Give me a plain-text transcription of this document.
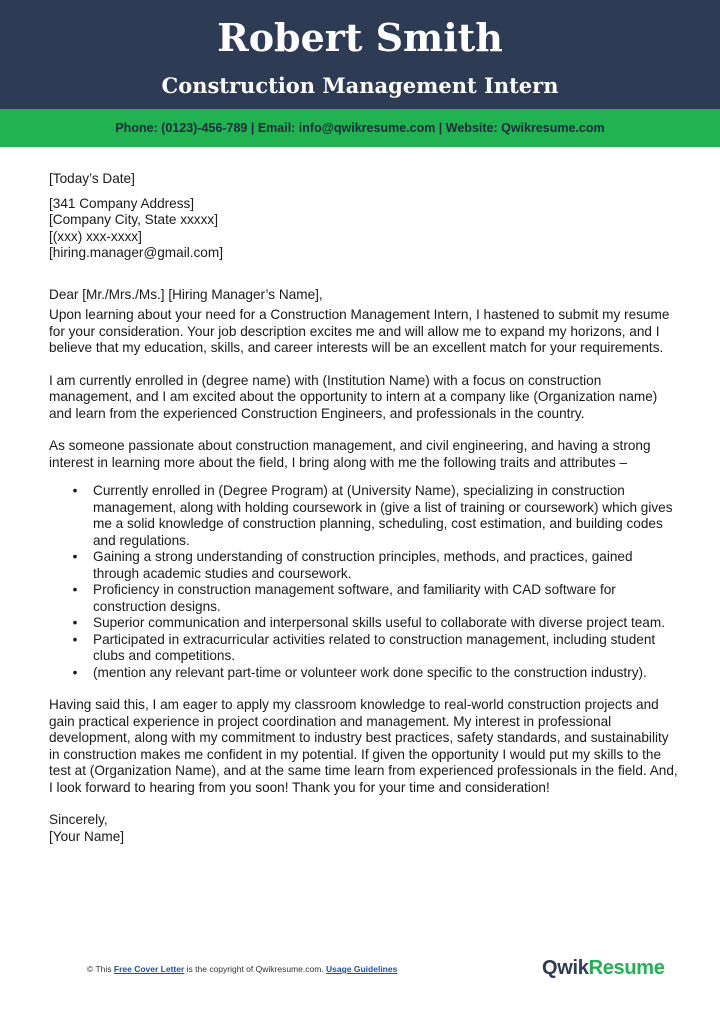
Robert Smith
Construction Management Intern
Phone: (0123)-456-789 | Email: info@qwikresume.com | Website: Qwikresume.com
[Today’s Date]
[341 Company Address]
[Company City, State xxxxx]
[(xxx) xxx-xxxx]
[hiring.manager@gmail.com]
Dear [Mr./Mrs./Ms.] [Hiring Manager’s Name],

Upon learning about your need for a Construction Management Intern, I hastened to submit my resume for your consideration. Your job description excites me and will allow me to expand my horizons, and I believe that my education, skills, and career interests will be an excellent match for your requirements.

I am currently enrolled in (degree name) with (Institution Name) with a focus on construction management, and I am excited about the opportunity to intern at a company like (Organization name) and learn from the experienced Construction Engineers, and professionals in the country.

As someone passionate about construction management, and civil engineering, and having a strong interest in learning more about the field, I bring along with me the following traits and attributes –

• Currently enrolled in (Degree Program) at (University Name), specializing in construction management, along with holding coursework in (give a list of training or coursework) which gives me a solid knowledge of construction planning, scheduling, cost estimation, and building codes and regulations.
• Gaining a strong understanding of construction principles, methods, and practices, gained through academic studies and coursework.
• Proficiency in construction management software, and familiarity with CAD software for construction designs.
• Superior communication and interpersonal skills useful to collaborate with diverse project team.
• Participated in extracurricular activities related to construction management, including student clubs and competitions.
• (mention any relevant part-time or volunteer work done specific to the construction industry).

Having said this, I am eager to apply my classroom knowledge to real-world construction projects and gain practical experience in project coordination and management. My interest in professional development, along with my commitment to industry best practices, safety standards, and sustainability in construction makes me confident in my potential. If given the opportunity I would put my skills to the test at (Organization Name), and at the same time learn from experienced professionals in the field. And, I look forward to hearing from you soon! Thank you for your time and consideration!

Sincerely,
[Your Name]
© This Free Cover Letter is the copyright of Qwikresume.com. Usage Guidelines	QwikResume
